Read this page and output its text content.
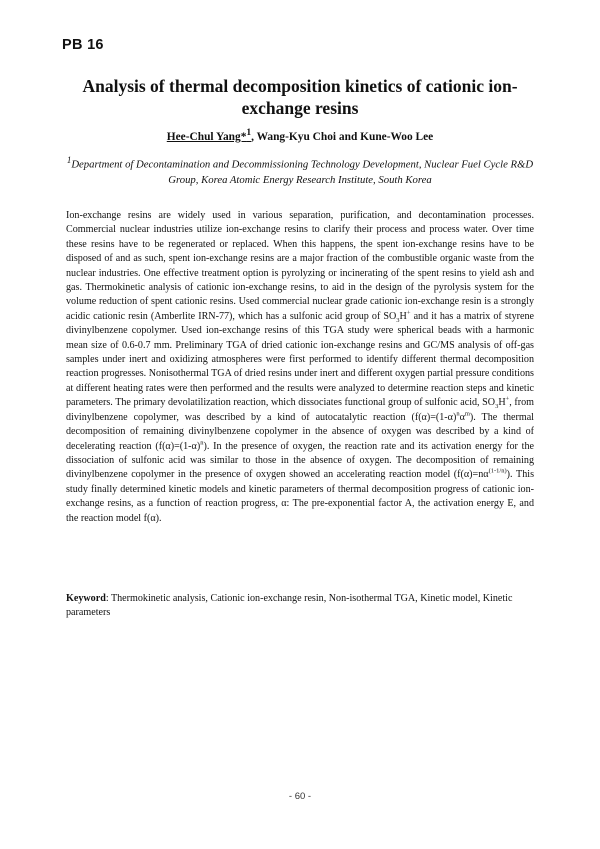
PB 16
Analysis of thermal decomposition kinetics of cationic ion-exchange resins
Hee-Chul Yang*$^1$, Wang-Kyu Choi and Kune-Woo Lee
$^1$Department of Decontamination and Decommissioning Technology Development, Nuclear Fuel Cycle R&D Group, Korea Atomic Energy Research Institute, South Korea

Ion-exchange resins are widely used in various separation, purification, and decontamination processes. Commercial nuclear industries utilize ion-exchange resins to clarify their process and process water. Over time these resins have to be regenerated or replaced. When this happens, the spent ion-exchange resins have to be disposed of and as such, spent ion-exchange resins are a major fraction of the combustible organic waste from the nuclear industries. One effective treatment option is pyrolyzing or incinerating of the spent resins to yield ash and gas. Thermokinetic analysis of cationic ion-exchange resins, to aid in the design of the pyrolysis system for the volume reduction of spent cationic resins. Used commercial nuclear grade cationic ion-exchange resin is a strongly acidic cationic resin (Amberlite IRN-77), which has a sulfonic acid group of $SO_3H^+$ and it has a matrix of styrene divinylbenzene copolymer. Used ion-exchange resins of this TGA study were spherical beads with a harmonic mean size of 0.6-0.7 mm. Preliminary TGA of dried cationic ion-exchange resins and GC/MS analysis of off-gas samples under inert and oxidizing atmospheres were first performed to identify different thermal decomposition reaction progresses. Nonisothermal TGA of dried resins under inert and different oxygen partial pressure conditions at different heating rates were then performed and the results were analyzed to determine reaction steps and kinetic parameters. The primary devolatilization reaction, which dissociates functional group of sulfonic acid, $SO_3H^+$, from divinylbenzene copolymer, was described by a kind of autocatalytic reaction $(f(\alpha)=(1-\alpha)^n\alpha^m)$. The thermal decomposition of remaining divinylbenzene copolymer in the absence of oxygen was described by a kind of decelerating reaction $(f(\alpha)=(1-\alpha)^n)$. In the presence of oxygen, the reaction rate and its activation energy for the dissociation of sulfonic acid was similar to those in the absence of oxygen. The decomposition of remaining divinylbenzene copolymer in the presence of oxygen showed an accelerating reaction model $(f(\alpha)=n\alpha^{(1-1/n)})$. This study finally determined kinetic models and kinetic parameters of thermal decomposition progress of cationic ion-exchange resins, as a function of reaction progress, α: The pre-exponential factor A, the activation energy E, and the reaction model f(α).

Keyword: Thermokinetic analysis, Cationic ion-exchange resin, Non-isothermal TGA, Kinetic model, Kinetic parameters

- 60 -
